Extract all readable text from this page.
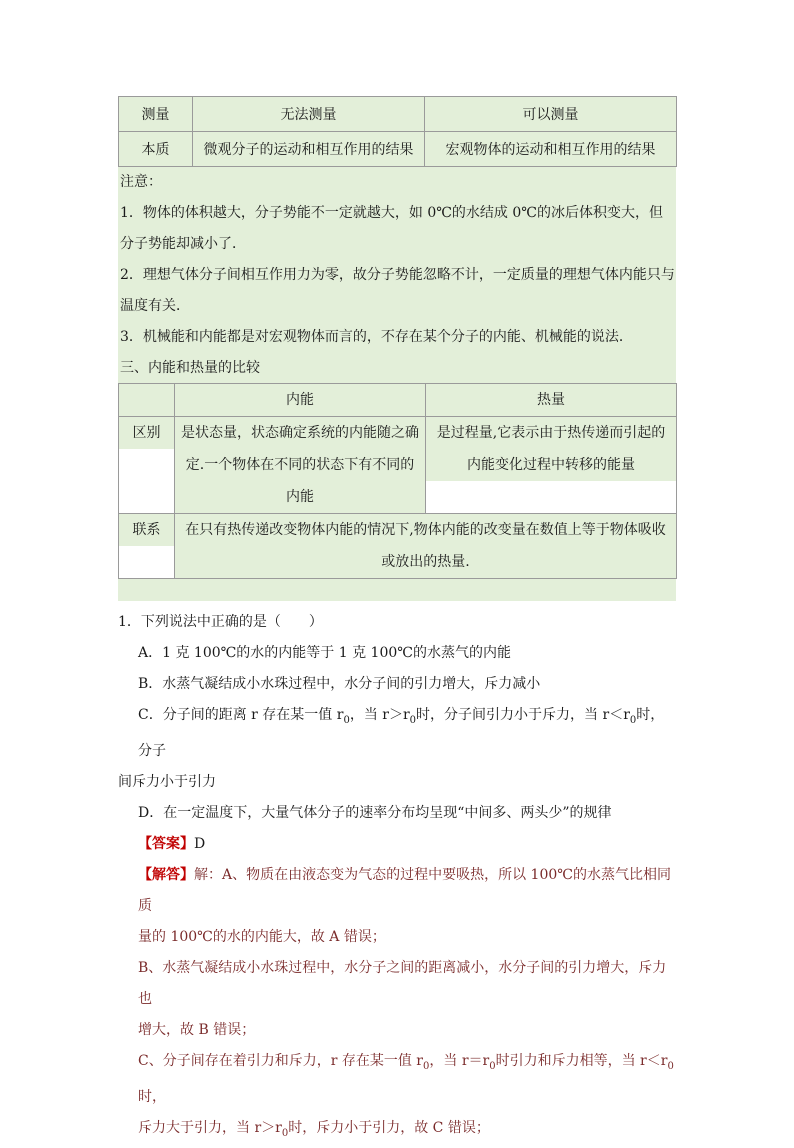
测量	无法测量	可以测量
本质	微观分子的运动和相互作用的结果	宏观物体的运动和相互作用的结果

注意：

1．物体的体积越大，分子势能不一定就越大，如 0℃的水结成 0℃的冰后体积变大，但分子势能却减小了．

2．理想气体分子间相互作用力为零，故分子势能忽略不计，一定质量的理想气体内能只与温度有关．

3．机械能和内能都是对宏观物体而言的，不存在某个分子的内能、机械能的说法．

三、内能和热量的比较

	内能	热量

区别	是状态量，状态确定系统的内能随之确定.一个物体在不同的状态下有不同的内能	是过程量,它表示由于热传递而引起的内能变化过程中转移的能量

联系	在只有热传递改变物体内能的情况下,物体内能的改变量在数值上等于物体吸收或放出的热量.	

1．下列说法中正确的是（　　）

A．1 克 100℃的水的内能等于 1 克 100℃的水蒸气的内能

B．水蒸气凝结成小水珠过程中，水分子间的引力增大，斥力减小

C．分子间的距离 r 存在某一值 $r_0$，当 $r>r_0$时，分子间引力小于斥力，当 $r<r_0$时，分子

间斥力小于引力

D．在一定温度下，大量气体分子的速率分布均呈现“中间多、两头少”的规律

【答案】D

【解答】解：A、物质在由液态变为气态的过程中要吸热，所以 100℃的水蒸气比相同质

量的 100℃的水的内能大，故 A 错误；

B、水蒸气凝结成小水珠过程中，水分子之间的距离减小，水分子间的引力增大，斥力也

增大，故 B 错误；

C、分子间存在着引力和斥力，r 存在某一值 $r_0$，当 $r=r_0$时引力和斥力相等，当 $r<r_0$时，

斥力大于引力，当 $r>r_0$时，斥力小于引力，故 C 错误；
